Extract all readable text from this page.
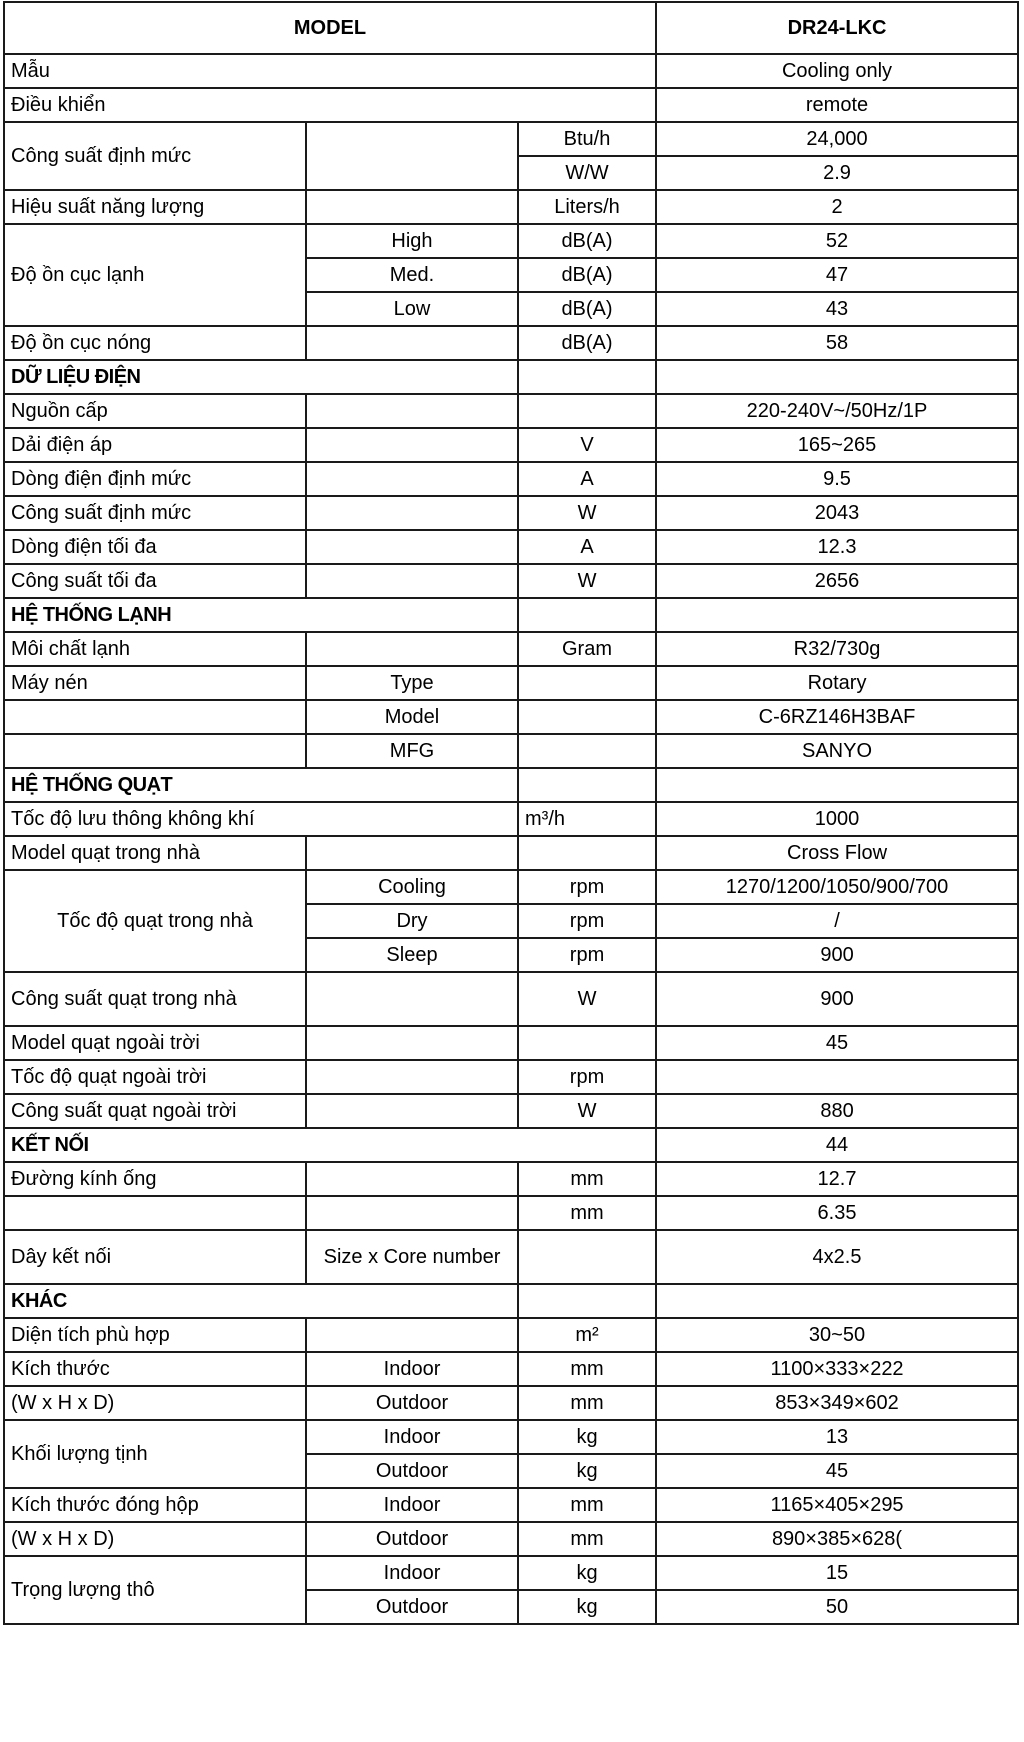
MODEL			DR24-LKC
Mẫu			Cooling only
Điều khiển			remote
Công suất định mức		Btu/h	24,000
		W/W	2.9
Hiệu suất năng lượng		Liters/h	2
Độ ồn cục lạnh	High	dB(A)	52
	Med.	dB(A)	47
	Low	dB(A)	43
Độ ồn cục nóng		dB(A)	58
DỮ LIỆU ĐIỆN			
Nguồn cấp			220-240V~/50Hz/1P
Dải điện áp		V	165~265
Dòng điện định mức		A	9.5
Công suất định mức		W	2043
Dòng điện tối đa		A	12.3
Công suất tối đa		W	2656
HỆ THỐNG LẠNH			
Môi chất lạnh		Gram	R32/730g
Máy nén	Type		Rotary
	Model		C-6RZ146H3BAF
	MFG		SANYO
HỆ THỐNG QUẠT			
Tốc độ lưu thông không khí		m³/h	1000
Model quạt trong nhà			Cross Flow
Tốc độ quạt trong nhà	Cooling	rpm	1270/1200/1050/900/700
	Dry	rpm	/
	Sleep	rpm	900
Công suất quạt trong nhà		W	900
Model quạt ngoài trời			45
Tốc độ quạt ngoài trời		rpm	
Công suất quạt ngoài trời		W	880
KẾT NỐI			44
Đường kính ống		mm	12.7
		mm	6.35
Dây kết nối	Size x Core number		4x2.5
KHÁC			
Diện tích phù hợp		m²	30~50
Kích thước	Indoor	mm	1100×333×222
(W x H x D)	Outdoor	mm	853×349×602
Khối lượng tịnh	Indoor	kg	13
	Outdoor	kg	45
Kích thước đóng hộp	Indoor	mm	1165×405×295
(W x H x D)	Outdoor	mm	890×385×628(
Trọng lượng thô	Indoor	kg	15
	Outdoor	kg	50
